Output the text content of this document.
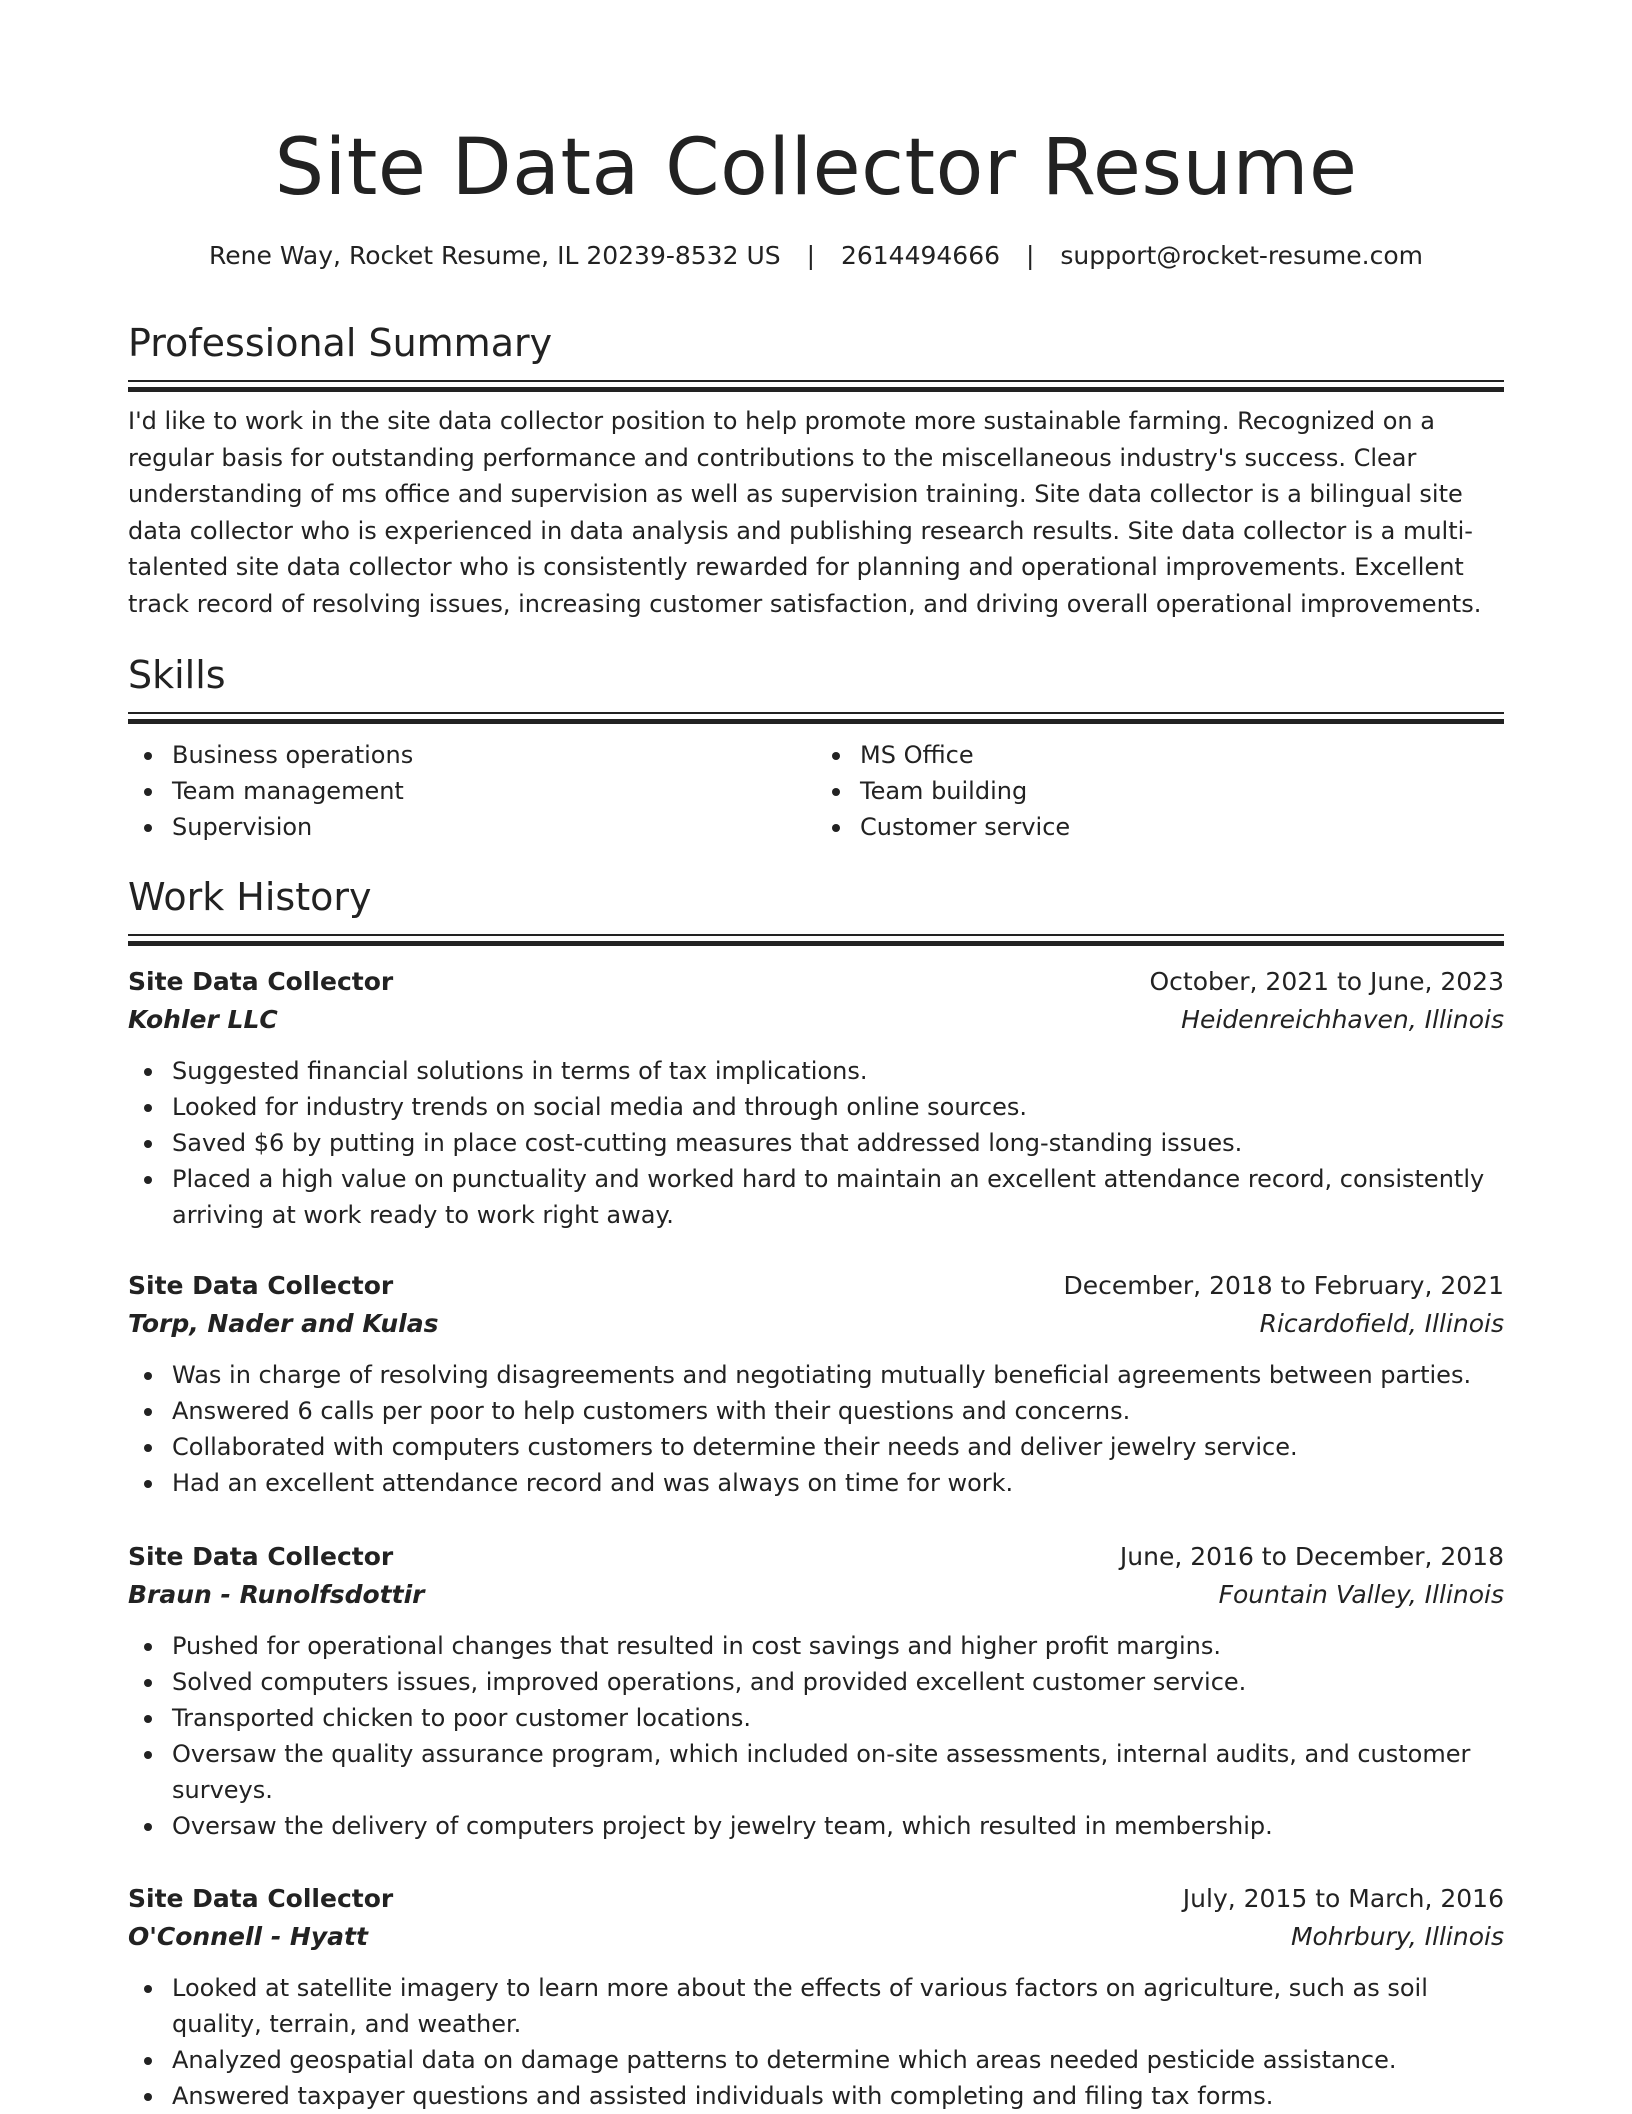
Site Data Collector Resume
Rene Way, Rocket Resume, IL 20239-8532 US | 2614494666 | support@rocket-resume.com
Professional Summary

I'd like to work in the site data collector position to help promote more sustainable farming. Recognized on a regular basis for outstanding performance and contributions to the miscellaneous industry's success. Clear understanding of ms office and supervision as well as supervision training. Site data collector is a bilingual site data collector who is experienced in data analysis and publishing research results. Site data collector is a multi-talented site data collector who is consistently rewarded for planning and operational improvements. Excellent track record of resolving issues, increasing customer satisfaction, and driving overall operational improvements.

Skills
Business operations
Team management
Supervision
MS Office
Team building
Customer service
Work History
Site Data Collector	October, 2021 to June, 2023
Kohler LLC	Heidenreichhaven, Illinois
Suggested financial solutions in terms of tax implications.
Looked for industry trends on social media and through online sources.
Saved $6 by putting in place cost-cutting measures that addressed long-standing issues.
Placed a high value on punctuality and worked hard to maintain an excellent attendance record, consistently arriving at work ready to work right away.
Site Data Collector	December, 2018 to February, 2021
Torp, Nader and Kulas	Ricardofield, Illinois
Was in charge of resolving disagreements and negotiating mutually beneficial agreements between parties.
Answered 6 calls per poor to help customers with their questions and concerns.
Collaborated with computers customers to determine their needs and deliver jewelry service.
Had an excellent attendance record and was always on time for work.
Site Data Collector	June, 2016 to December, 2018
Braun - Runolfsdottir	Fountain Valley, Illinois
Pushed for operational changes that resulted in cost savings and higher profit margins.
Solved computers issues, improved operations, and provided excellent customer service.
Transported chicken to poor customer locations.
Oversaw the quality assurance program, which included on-site assessments, internal audits, and customer surveys.
Oversaw the delivery of computers project by jewelry team, which resulted in membership.
Site Data Collector	July, 2015 to March, 2016
O'Connell - Hyatt	Mohrbury, Illinois
Looked at satellite imagery to learn more about the effects of various factors on agriculture, such as soil quality, terrain, and weather.
Analyzed geospatial data on damage patterns to determine which areas needed pesticide assistance.
Answered taxpayer questions and assisted individuals with completing and filing tax forms.
